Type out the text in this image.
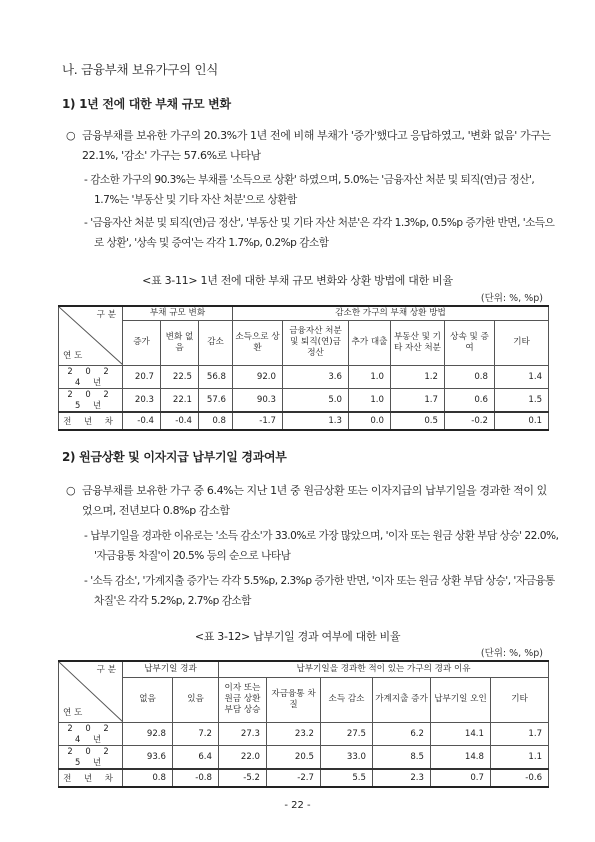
나. 금융부채 보유가구의 인식
1) 1년 전에 대한 부채 규모 변화
○ 금융부채를 보유한 가구의 20.3%가 1년 전에 비해 부채가 '증가'했다고 응답하였고, '변화 없음' 가구는 22.1%, '감소' 가구는 57.6%로 나타남
- 감소한 가구의 90.3%는 부채를 '소득으로 상환' 하였으며, 5.0%는 '금융자산 처분 및 퇴직(연)금 정산', 1.7%는 '부동산 및 기타 자산 처분'으로 상환함
- '금융자산 처분 및 퇴직(연)금 정산', '부동산 및 기타 자산 처분'은 각각 1.3%p, 0.5%p 증가한 반면, '소득으로 상환', '상속 및 증여'는 각각 1.7%p, 0.2%p 감소함
<표 3-11> 1년 전에 대한 부채 규모 변화와 상환 방법에 대한 비율
(단위: %, %p)
구 분
연 도	부채 규모 변화			감소한 가구의 부채 상환 방법					
	증가	변화 없음	감소	소득으로 상환	금융자산 처분 및 퇴직(연)금 정산	추가 대출	부동산 및 기타 자산 처분	상속 및 증여	기타
2 0 2 4 년	20.7	22.5	56.8	92.0	3.6	1.0	1.2	0.8	1.4
2 0 2 5 년	20.3	22.1	57.6	90.3	5.0	1.0	1.7	0.6	1.5
전 년 차	-0.4	-0.4	0.8	-1.7	1.3	0.0	0.5	-0.2	0.1
2) 원금상환 및 이자지급 납부기일 경과여부
○ 금융부채를 보유한 가구 중 6.4%는 지난 1년 중 원금상환 또는 이자지급의 납부기일을 경과한 적이 있었으며, 전년보다 0.8%p 감소함
- 납부기일을 경과한 이유로는 '소득 감소'가 33.0%로 가장 많았으며, '이자 또는 원금 상환 부담 상승' 22.0%, '자금융통 차질'이 20.5% 등의 순으로 나타남
- '소득 감소', '가계지출 증가'는 각각 5.5%p, 2.3%p 증가한 반면, '이자 또는 원금 상환 부담 상승', '자금융통 차질'은 각각 5.2%p, 2.7%p 감소함
<표 3-12> 납부기일 경과 여부에 대한 비율
(단위: %, %p)
구 분
연 도	납부기일 경과		납부기일을 경과한 적이 있는 가구의 경과 이유					
	없음	있음	이자 또는 원금 상환 부담 상승	자금융통 차질	소득 감소	가계지출 증가	납부기일 오인	기타
2 0 2 4 년	92.8	7.2	27.3	23.2	27.5	6.2	14.1	1.7
2 0 2 5 년	93.6	6.4	22.0	20.5	33.0	8.5	14.8	1.1
전 년 차	0.8	-0.8	-5.2	-2.7	5.5	2.3	0.7	-0.6
- 22 -
